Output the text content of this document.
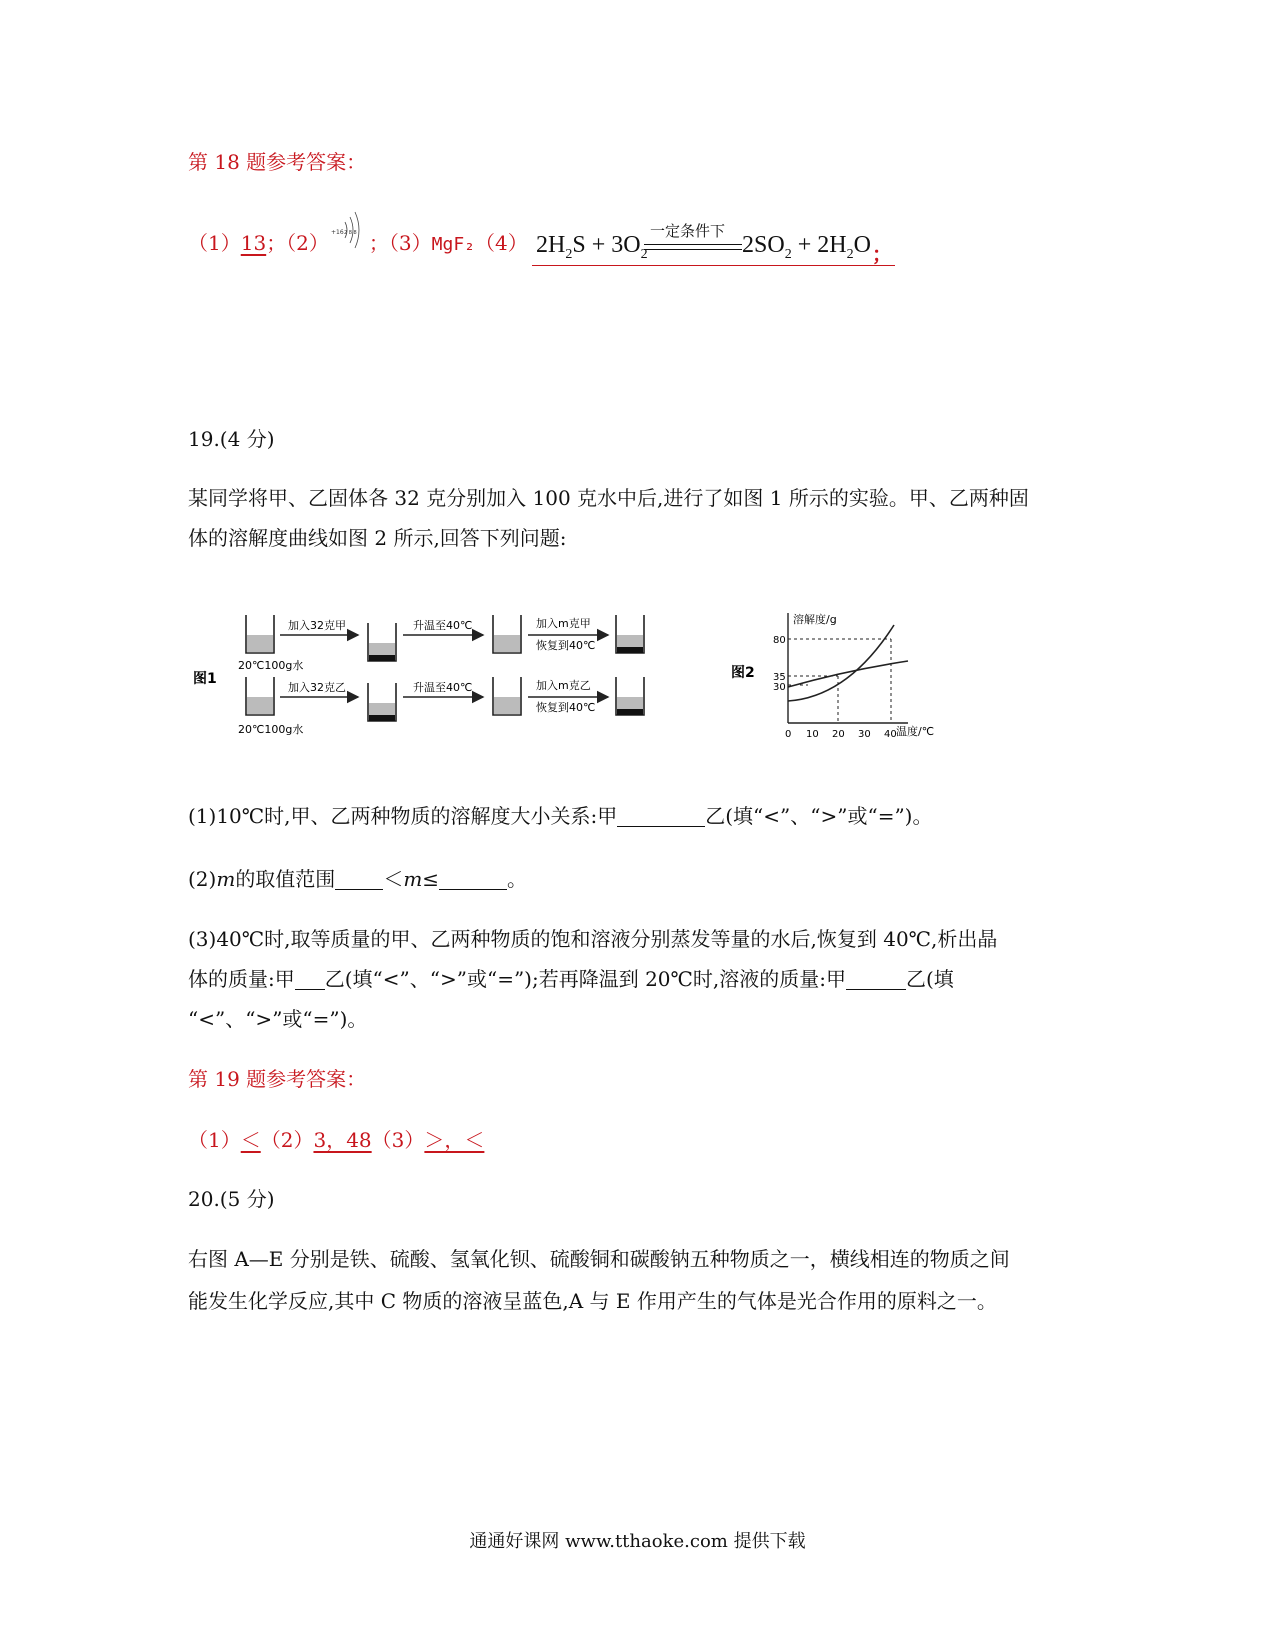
第 18 题参考答案：
（1）13；（2） +16 2 8 8 ；（3）MgF₂（4） $2H_2S + 3O_2$
一定条件下
$2SO_2 + 2H_2O$ ；
19.(4 分)
某同学将甲、乙固体各 32 克分别加入 100 克水中后,进行了如图 1 所示的实验。甲、乙两种固
体的溶解度曲线如图 2 所示,回答下列问题:
图1
加入32克甲	升温至40℃	加入m克甲
恢复到40℃
20℃100g水
加入32克乙	升温至40℃	加入m克乙
恢复到40℃
20℃100g水
图2
溶解度/g
温度/℃
80
35
30
0 10 20 30 40
(1)10℃时,甲、乙两种物质的溶解度大小关系:甲	乙(填“<”、“>”或“=”)。
(2)m的取值范围 ＜m≤	。
(3)40℃时,取等质量的甲、乙两种物质的饱和溶液分别蒸发等量的水后,恢复到 40℃,析出晶
体的质量:甲 乙(填“<”、“>”或“=”);若再降温到 20℃时,溶液的质量:甲	乙(填
“<”、“>”或“=”)。
第 19 题参考答案：
（1）＜（2）3，48（3）＞，＜
20.(5 分)
右图 A—E 分别是铁、硫酸、氢氧化钡、硫酸铜和碳酸钠五种物质之一，横线相连的物质之间
能发生化学反应,其中 C 物质的溶液呈蓝色,A 与 E 作用产生的气体是光合作用的原料之一。
通通好课网 www.tthaoke.com 提供下载
